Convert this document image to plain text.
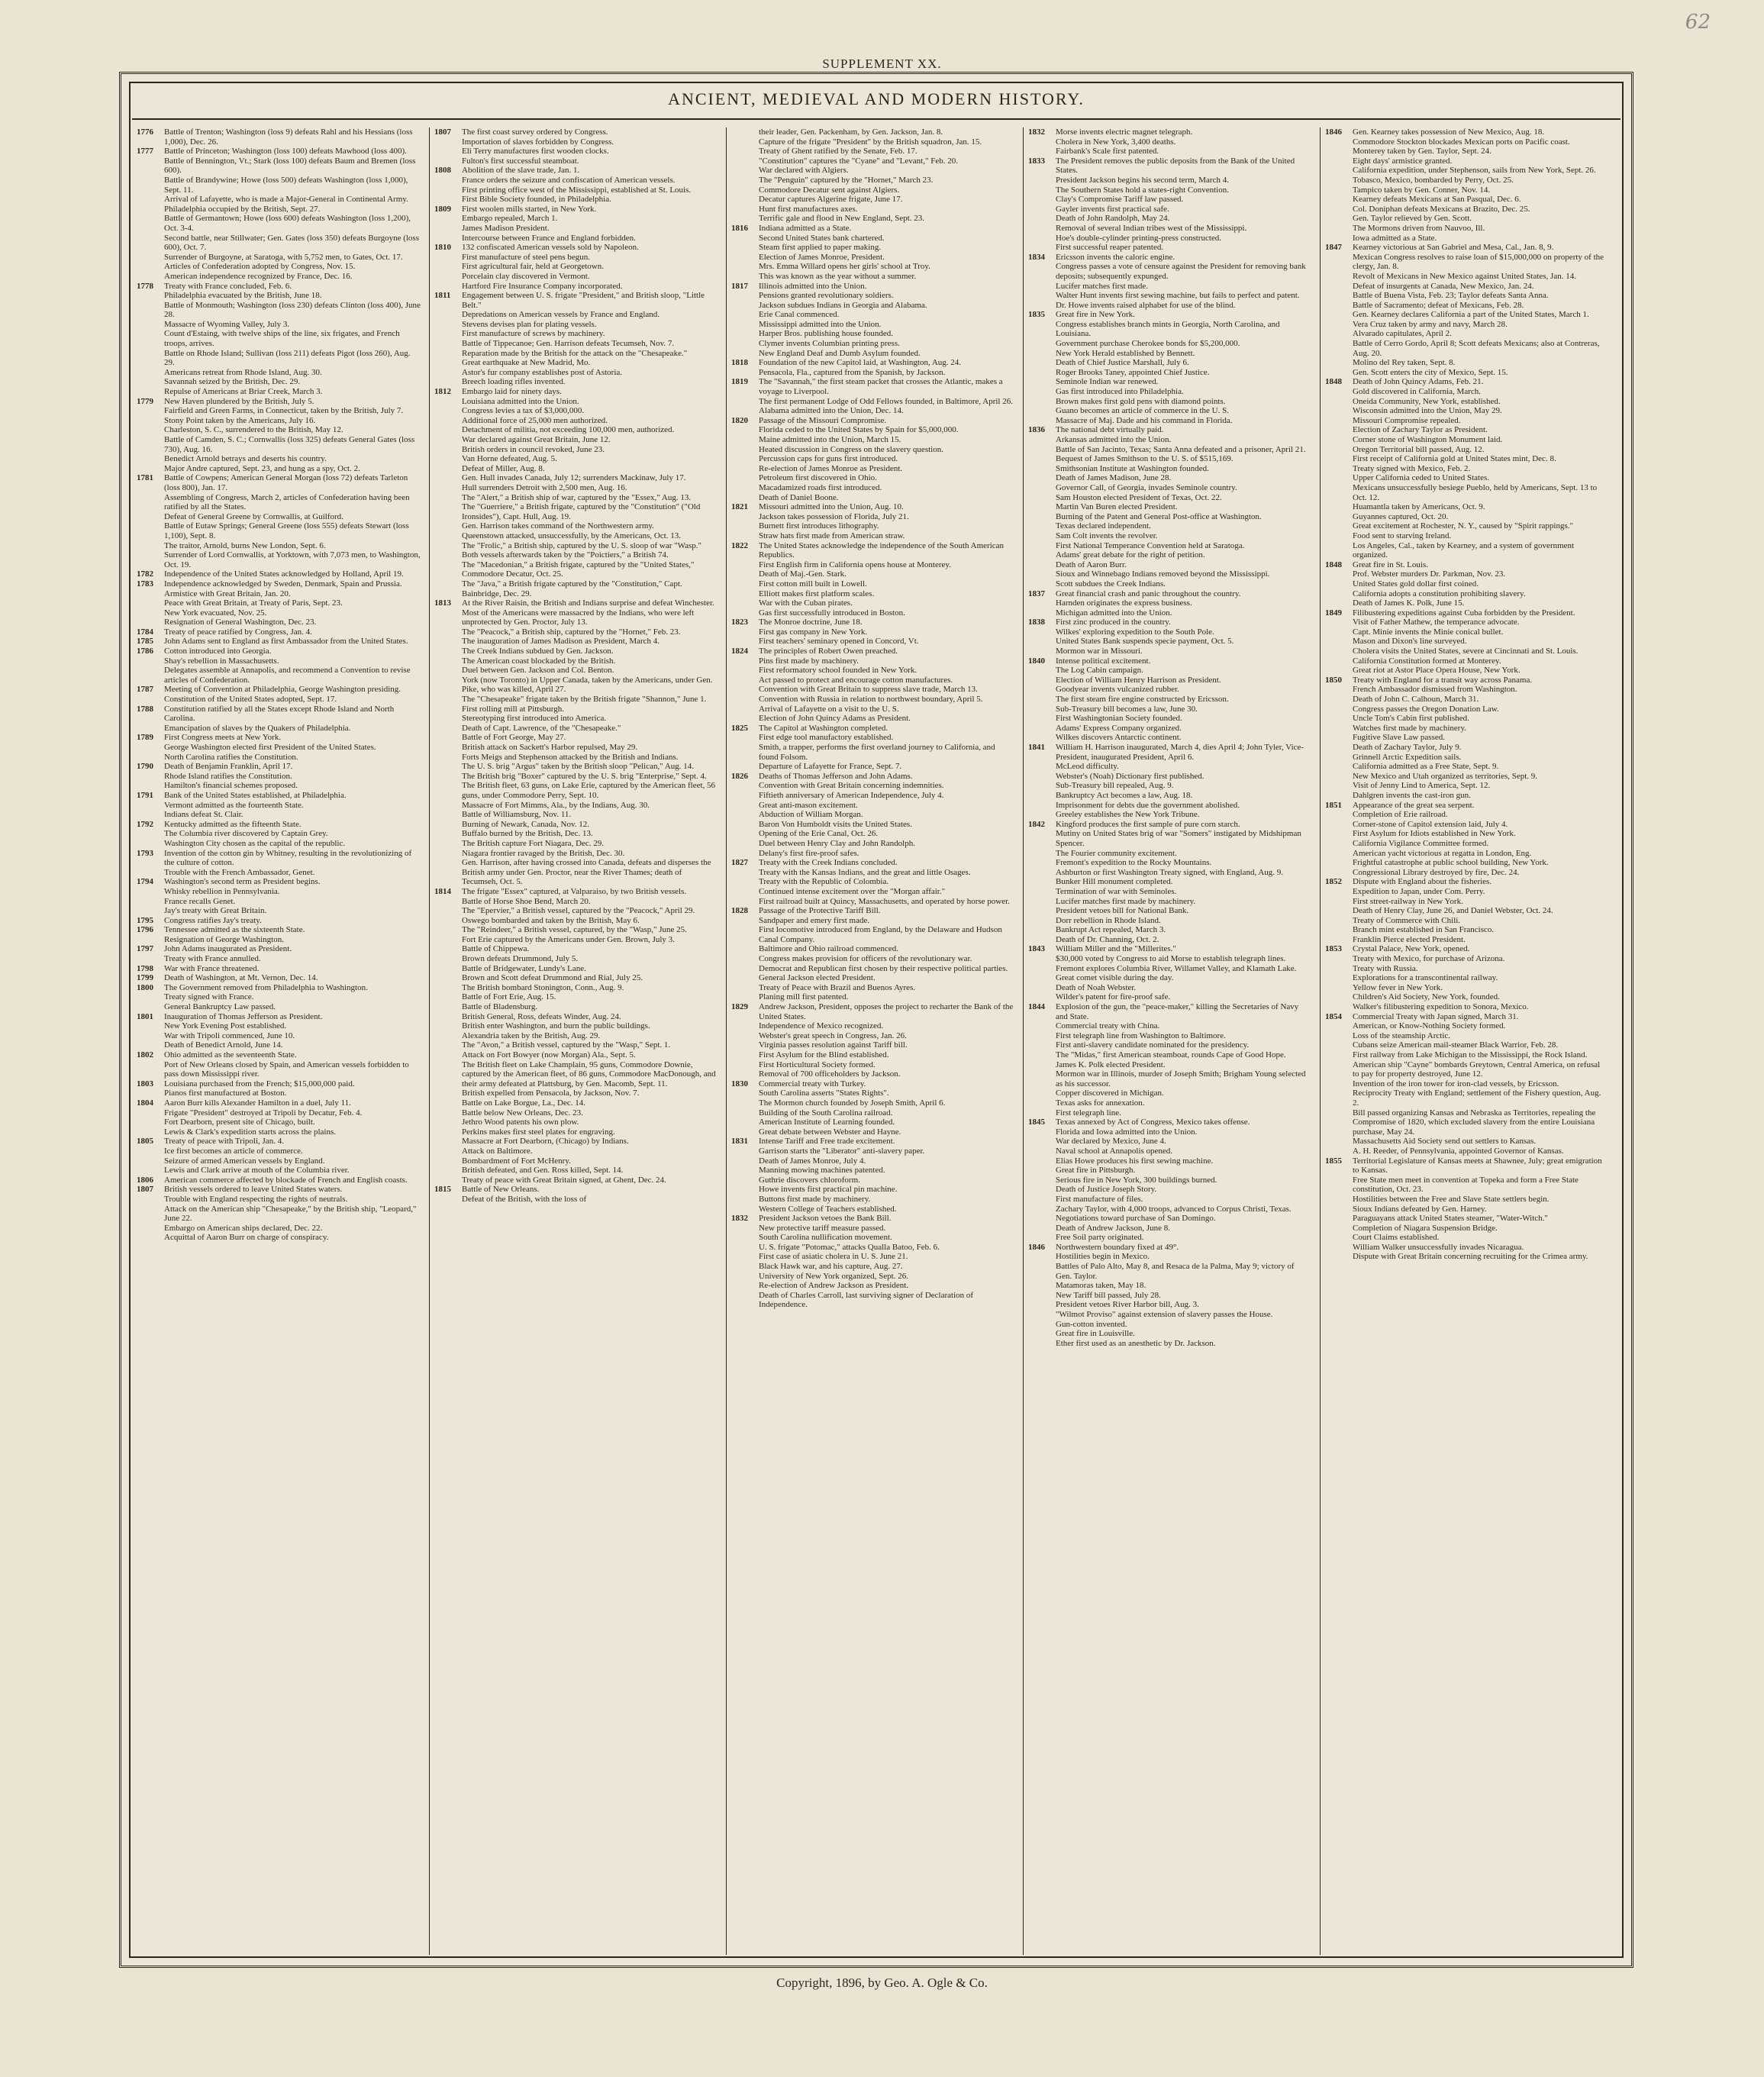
62
SUPPLEMENT XX.
ANCIENT, MEDIEVAL AND MODERN HISTORY.
1776	Battle of Trenton; Washington (loss 9) defeats Rahl and his Hessians (loss 1,000), Dec. 26.
1777	Battle of Princeton; Washington (loss 100) defeats Mawhood (loss 400).
Battle of Bennington, Vt.; Stark (loss 100) defeats Baum and Bremen (loss 600).
Battle of Brandywine; Howe (loss 500) defeats Washington (loss 1,000), Sept. 11.
Arrival of Lafayette, who is made a Major-General in Continental Army.
Philadelphia occupied by the British, Sept. 27.
Battle of Germantown; Howe (loss 600) defeats Washington (loss 1,200), Oct. 3-4.
Second battle, near Stillwater; Gen. Gates (loss 350) defeats Burgoyne (loss 600), Oct. 7.
Surrender of Burgoyne, at Saratoga, with 5,752 men, to Gates, Oct. 17.
Articles of Confederation adopted by Congress, Nov. 15.
American independence recognized by France, Dec. 16.
1778	Treaty with France concluded, Feb. 6.
Philadelphia evacuated by the British, June 18.
Battle of Monmouth; Washington (loss 230) defeats Clinton (loss 400), June 28.
Massacre of Wyoming Valley, July 3.
Count d'Estaing, with twelve ships of the line, six frigates, and French troops, arrives.
Battle on Rhode Island; Sullivan (loss 211) defeats Pigot (loss 260), Aug. 29.
Americans retreat from Rhode Island, Aug. 30.
Savannah seized by the British, Dec. 29.
Repulse of Americans at Briar Creek, March 3.
1779	New Haven plundered by the British, July 5.
Fairfield and Green Farms, in Connecticut, taken by the British, July 7.
Stony Point taken by the Americans, July 16.
Charleston, S. C., surrendered to the British, May 12.
Battle of Camden, S. C.; Cornwallis (loss 325) defeats General Gates (loss 730), Aug. 16.
Benedict Arnold betrays and deserts his country.
Major Andre captured, Sept. 23, and hung as a spy, Oct. 2.
1781	Battle of Cowpens; American General Morgan (loss 72) defeats Tarleton (loss 800), Jan. 17.
Assembling of Congress, March 2, articles of Confederation having been ratified by all the States.
Defeat of General Greene by Cornwallis, at Guilford.
Battle of Eutaw Springs; General Greene (loss 555) defeats Stewart (loss 1,100), Sept. 8.
The traitor, Arnold, burns New London, Sept. 6.
Surrender of Lord Cornwallis, at Yorktown, with 7,073 men, to Washington, Oct. 19.
1782	Independence of the United States acknowledged by Holland, April 19.
1783	Independence acknowledged by Sweden, Denmark, Spain and Prussia.
Armistice with Great Britain, Jan. 20.
Peace with Great Britain, at Treaty of Paris, Sept. 23.
New York evacuated, Nov. 25.
Resignation of General Washington, Dec. 23.
1784	Treaty of peace ratified by Congress, Jan. 4.
1785	John Adams sent to England as first Ambassador from the United States.
1786	Cotton introduced into Georgia.
Shay's rebellion in Massachusetts.
Delegates assemble at Annapolis, and recommend a Convention to revise articles of Confederation.
1787	Meeting of Convention at Philadelphia, George Washington presiding.
Constitution of the United States adopted, Sept. 17.
1788	Constitution ratified by all the States except Rhode Island and North Carolina.
Emancipation of slaves by the Quakers of Philadelphia.
1789	First Congress meets at New York.
George Washington elected first President of the United States.
North Carolina ratifies the Constitution.
1790	Death of Benjamin Franklin, April 17.
Rhode Island ratifies the Constitution.
Hamilton's financial schemes proposed.
1791	Bank of the United States established, at Philadelphia.
Vermont admitted as the fourteenth State.
Indians defeat St. Clair.
1792	Kentucky admitted as the fifteenth State.
The Columbia river discovered by Captain Grey.
Washington City chosen as the capital of the republic.
1793	Invention of the cotton gin by Whitney, resulting in the revolutionizing of the culture of cotton.
Trouble with the French Ambassador, Genet.
1794	Washington's second term as President begins.
Whisky rebellion in Pennsylvania.
France recalls Genet.
Jay's treaty with Great Britain.
1795	Congress ratifies Jay's treaty.
1796	Tennessee admitted as the sixteenth State.
Resignation of George Washington.
1797	John Adams inaugurated as President.
Treaty with France annulled.
1798	War with France threatened.
1799	Death of Washington, at Mt. Vernon, Dec. 14.
1800	The Government removed from Philadelphia to Washington.
Treaty signed with France.
General Bankruptcy Law passed.
1801	Inauguration of Thomas Jefferson as President.
New York Evening Post established.
War with Tripoli commenced, June 10.
Death of Benedict Arnold, June 14.
1802	Ohio admitted as the seventeenth State.
Port of New Orleans closed by Spain, and American vessels forbidden to pass down Mississippi river.
1803	Louisiana purchased from the French; $15,000,000 paid.
Pianos first manufactured at Boston.
1804	Aaron Burr kills Alexander Hamilton in a duel, July 11.
Frigate "President" destroyed at Tripoli by Decatur, Feb. 4.
Fort Dearborn, present site of Chicago, built.
Lewis & Clark's expedition starts across the plains.
1805	Treaty of peace with Tripoli, Jan. 4.
Ice first becomes an article of commerce.
Seizure of armed American vessels by England.
Lewis and Clark arrive at mouth of the Columbia river.
1806	American commerce affected by blockade of French and English coasts.
1807	British vessels ordered to leave United States waters.
Trouble with England respecting the rights of neutrals.
Attack on the American ship "Chesapeake," by the British ship, "Leopard," June 22.
Embargo on American ships declared, Dec. 22.
Acquittal of Aaron Burr on charge of conspiracy.
1807	The first coast survey ordered by Congress.
Importation of slaves forbidden by Congress.
Eli Terry manufactures first wooden clocks.
Fulton's first successful steamboat.
1808	Abolition of the slave trade, Jan. 1.
France orders the seizure and confiscation of American vessels.
First printing office west of the Mississippi, established at St. Louis.
First Bible Society founded, in Philadelphia.
1809	First woolen mills started, in New York.
Embargo repealed, March 1.
James Madison President.
Intercourse between France and England forbidden.
1810	132 confiscated American vessels sold by Napoleon.
First manufacture of steel pens begun.
First agricultural fair, held at Georgetown.
Porcelain clay discovered in Vermont.
Hartford Fire Insurance Company incorporated.
1811	Engagement between U. S. frigate "President," and British sloop, "Little Belt."
Depredations on American vessels by France and England.
Stevens devises plan for plating vessels.
First manufacture of screws by machinery.
Battle of Tippecanoe; Gen. Harrison defeats Tecumseh, Nov. 7.
Reparation made by the British for the attack on the "Chesapeake."
Great earthquake at New Madrid, Mo.
Astor's fur company establishes post of Astoria.
Breech loading rifles invented.
1812	Embargo laid for ninety days.
Louisiana admitted into the Union.
Congress levies a tax of $3,000,000.
Additional force of 25,000 men authorized.
Detachment of militia, not exceeding 100,000 men, authorized.
War declared against Great Britain, June 12.
British orders in council revoked, June 23.
Van Horne defeated, Aug. 5.
Defeat of Miller, Aug. 8.
Gen. Hull invades Canada, July 12; surrenders Mackinaw, July 17.
Hull surrenders Detroit with 2,500 men, Aug. 16.
The "Alert," a British ship of war, captured by the "Essex," Aug. 13.
The "Guerriere," a British frigate, captured by the "Constitution" ("Old Ironsides"), Capt. Hull, Aug. 19.
Gen. Harrison takes command of the Northwestern army.
Queenstown attacked, unsuccessfully, by the Americans, Oct. 13.
The "Frolic," a British ship, captured by the U. S. sloop of war "Wasp." Both vessels afterwards taken by the "Poictiers," a British 74.
The "Macedonian," a British frigate, captured by the "United States," Commodore Decatur, Oct. 25.
The "Java," a British frigate captured by the "Constitution," Capt. Bainbridge, Dec. 29.
1813	At the River Raisin, the British and Indians surprise and defeat Winchester. Most of the Americans were massacred by the Indians, who were left unprotected by Gen. Proctor, July 13.
The "Peacock," a British ship, captured by the "Hornet," Feb. 23.
The inauguration of James Madison as President, March 4.
The Creek Indians subdued by Gen. Jackson.
The American coast blockaded by the British.
Duel between Gen. Jackson and Col. Benton.
York (now Toronto) in Upper Canada, taken by the Americans, under Gen. Pike, who was killed, April 27.
The "Chesapeake" frigate taken by the British frigate "Shannon," June 1.
First rolling mill at Pittsburgh.
Stereotyping first introduced into America.
Death of Capt. Lawrence, of the "Chesapeake."
Battle of Fort George, May 27.
British attack on Sackett's Harbor repulsed, May 29.
Forts Meigs and Stephenson attacked by the British and Indians.
The U. S. brig "Argus" taken by the British sloop "Pelican," Aug. 14.
The British brig "Boxer" captured by the U. S. brig "Enterprise," Sept. 4.
The British fleet, 63 guns, on Lake Erie, captured by the American fleet, 56 guns, under Commodore Perry, Sept. 10.
Massacre of Fort Mimms, Ala., by the Indians, Aug. 30.
Battle of Williamsburg, Nov. 11.
Burning of Newark, Canada, Nov. 12.
Buffalo burned by the British, Dec. 13.
The British capture Fort Niagara, Dec. 29.
Niagara frontier ravaged by the British, Dec. 30.
Gen. Harrison, after having crossed into Canada, defeats and disperses the British army under Gen. Proctor, near the River Thames; death of Tecumseh, Oct. 5.
1814	The frigate "Essex" captured, at Valparaiso, by two British vessels.
Battle of Horse Shoe Bend, March 20.
The "Epervier," a British vessel, captured by the "Peacock," April 29.
Oswego bombarded and taken by the British, May 6.
The "Reindeer," a British vessel, captured, by the "Wasp," June 25.
Fort Erie captured by the Americans under Gen. Brown, July 3.
Battle of Chippewa.
Brown defeats Drummond, July 5.
Battle of Bridgewater, Lundy's Lane.
Brown and Scott defeat Drummond and Rial, July 25.
The British bombard Stonington, Conn., Aug. 9.
Battle of Fort Erie, Aug. 15.
Battle of Bladensburg.
British General, Ross, defeats Winder, Aug. 24.
British enter Washington, and burn the public buildings.
Alexandria taken by the British, Aug. 29.
The "Avon," a British vessel, captured by the "Wasp," Sept. 1.
Attack on Fort Bowyer (now Morgan) Ala., Sept. 5.
The British fleet on Lake Champlain, 95 guns, Commodore Downie, captured by the American fleet, of 86 guns, Commodore MacDonough, and their army defeated at Plattsburg, by Gen. Macomb, Sept. 11.
British expelled from Pensacola, by Jackson, Nov. 7.
Battle on Lake Borgue, La., Dec. 14.
Battle below New Orleans, Dec. 23.
Jethro Wood patents his own plow.
Perkins makes first steel plates for engraving.
Massacre at Fort Dearborn, (Chicago) by Indians.
Attack on Baltimore.
Bombardment of Fort McHenry.
British defeated, and Gen. Ross killed, Sept. 14.
Treaty of peace with Great Britain signed, at Ghent, Dec. 24.
1815	Battle of New Orleans.
Defeat of the British, with the loss of
their leader, Gen. Packenham, by Gen. Jackson, Jan. 8.
Capture of the frigate "President" by the British squadron, Jan. 15.
Treaty of Ghent ratified by the Senate, Feb. 17.
"Constitution" captures the "Cyane" and "Levant," Feb. 20.
War declared with Algiers.
The "Penguin" captured by the "Hornet," March 23.
Commodore Decatur sent against Algiers.
Decatur captures Algerine frigate, June 17.
Hunt first manufactures axes.
Terrific gale and flood in New England, Sept. 23.
1816	Indiana admitted as a State.
Second United States bank chartered.
Steam first applied to paper making.
Election of James Monroe, President.
Mrs. Emma Willard opens her girls' school at Troy.
This was known as the year without a summer.
1817	Illinois admitted into the Union.
Pensions granted revolutionary soldiers.
Jackson subdues Indians in Georgia and Alabama.
Erie Canal commenced.
Mississippi admitted into the Union.
Harper Bros. publishing house founded.
Clymer invents Columbian printing press.
New England Deaf and Dumb Asylum founded.
1818	Foundation of the new Capitol laid, at Washington, Aug. 24.
Pensacola, Fla., captured from the Spanish, by Jackson.
1819	The "Savannah," the first steam packet that crosses the Atlantic, makes a voyage to Liverpool.
The first permanent Lodge of Odd Fellows founded, in Baltimore, April 26.
Alabama admitted into the Union, Dec. 14.
1820	Passage of the Missouri Compromise.
Florida ceded to the United States by Spain for $5,000,000.
Maine admitted into the Union, March 15.
Heated discussion in Congress on the slavery question.
Percussion caps for guns first introduced.
Re-election of James Monroe as President.
Petroleum first discovered in Ohio.
Macadamized roads first introduced.
Death of Daniel Boone.
1821	Missouri admitted into the Union, Aug. 10.
Jackson takes possession of Florida, July 21.
Burnett first introduces lithography.
Straw hats first made from American straw.
1822	The United States acknowledge the independence of the South American Republics.
First English firm in California opens house at Monterey.
Death of Maj.-Gen. Stark.
First cotton mill built in Lowell.
Elliott makes first platform scales.
War with the Cuban pirates.
Gas first successfully introduced in Boston.
1823	The Monroe doctrine, June 18.
First gas company in New York.
First teachers' seminary opened in Concord, Vt.
1824	The principles of Robert Owen preached.
Pins first made by machinery.
First reformatory school founded in New York.
Act passed to protect and encourage cotton manufactures.
Convention with Great Britain to suppress slave trade, March 13.
Convention with Russia in relation to northwest boundary, April 5.
Arrival of Lafayette on a visit to the U. S.
Election of John Quincy Adams as President.
1825	The Capitol at Washington completed.
First edge tool manufactory established.
Smith, a trapper, performs the first overland journey to California, and found Folsom.
Departure of Lafayette for France, Sept. 7.
1826	Deaths of Thomas Jefferson and John Adams.
Convention with Great Britain concerning indemnities.
Fiftieth anniversary of American Independence, July 4.
Great anti-mason excitement.
Abduction of William Morgan.
Baron Von Humboldt visits the United States.
Opening of the Erie Canal, Oct. 26.
Duel between Henry Clay and John Randolph.
Delany's first fire-proof safes.
1827	Treaty with the Creek Indians concluded.
Treaty with the Kansas Indians, and the great and little Osages.
Treaty with the Republic of Colombia.
Continued intense excitement over the "Morgan affair."
First railroad built at Quincy, Massachusetts, and operated by horse power.
1828	Passage of the Protective Tariff Bill.
Sandpaper and emery first made.
First locomotive introduced from England, by the Delaware and Hudson Canal Company.
Baltimore and Ohio railroad commenced.
Congress makes provision for officers of the revolutionary war.
Democrat and Republican first chosen by their respective political parties.
General Jackson elected President.
Treaty of Peace with Brazil and Buenos Ayres.
Planing mill first patented.
1829	Andrew Jackson, President, opposes the project to recharter the Bank of the United States.
Independence of Mexico recognized.
Webster's great speech in Congress, Jan. 26.
Virginia passes resolution against Tariff bill.
First Asylum for the Blind established.
First Horticultural Society formed.
Removal of 700 officeholders by Jackson.
1830	Commercial treaty with Turkey.
South Carolina asserts "States Rights".
The Mormon church founded by Joseph Smith, April 6.
Building of the South Carolina railroad.
American Institute of Learning founded.
Great debate between Webster and Hayne.
1831	Intense Tariff and Free trade excitement.
Garrison starts the "Liberator" anti-slavery paper.
Death of James Monroe, July 4.
Manning mowing machines patented.
Guthrie discovers chloroform.
Howe invents first practical pin machine.
Buttons first made by machinery.
Western College of Teachers established.
1832	President Jackson vetoes the Bank Bill.
New protective tariff measure passed.
South Carolina nullification movement.
U. S. frigate "Potomac," attacks Qualla Batoo, Feb. 6.
First case of asiatic cholera in U. S. June 21.
Black Hawk war, and his capture, Aug. 27.
University of New York organized, Sept. 26.
Re-election of Andrew Jackson as President.
Death of Charles Carroll, last surviving signer of Declaration of Independence.
1832	Morse invents electric magnet telegraph.
Cholera in New York, 3,400 deaths.
Fairbank's Scale first patented.
1833	The President removes the public deposits from the Bank of the United States.
President Jackson begins his second term, March 4.
The Southern States hold a states-right Convention.
Clay's Compromise Tariff law passed.
Gayler invents first practical safe.
Death of John Randolph, May 24.
Removal of several Indian tribes west of the Mississippi.
Hoe's double-cylinder printing-press constructed.
First successful reaper patented.
1834	Ericsson invents the caloric engine.
Congress passes a vote of censure against the President for removing bank deposits; subsequently expunged.
Lucifer matches first made.
Walter Hunt invents first sewing machine, but fails to perfect and patent.
Dr. Howe invents raised alphabet for use of the blind.
1835	Great fire in New York.
Congress establishes branch mints in Georgia, North Carolina, and Louisiana.
Government purchase Cherokee bonds for $5,200,000.
New York Herald established by Bennett.
Death of Chief Justice Marshall, July 6.
Roger Brooks Taney, appointed Chief Justice.
Seminole Indian war renewed.
Gas first introduced into Philadelphia.
Brown makes first gold pens with diamond points.
Guano becomes an article of commerce in the U. S.
Massacre of Maj. Dade and his command in Florida.
1836	The national debt virtually paid.
Arkansas admitted into the Union.
Battle of San Jacinto, Texas; Santa Anna defeated and a prisoner, April 21.
Bequest of James Smithson to the U. S. of $515,169.
Smithsonian Institute at Washington founded.
Death of James Madison, June 28.
Governor Call, of Georgia, invades Seminole country.
Sam Houston elected President of Texas, Oct. 22.
Martin Van Buren elected President.
Burning of the Patent and General Post-office at Washington.
Texas declared independent.
Sam Colt invents the revolver.
First National Temperance Convention held at Saratoga.
Adams' great debate for the right of petition.
Death of Aaron Burr.
Sioux and Winnebago Indians removed beyond the Mississippi.
Scott subdues the Creek Indians.
1837	Great financial crash and panic throughout the country.
Harnden originates the express business.
Michigan admitted into the Union.
1838	First zinc produced in the country.
Wilkes' exploring expedition to the South Pole.
United States Bank suspends specie payment, Oct. 5.
Mormon war in Missouri.
1840	Intense political excitement.
The Log Cabin campaign.
Election of William Henry Harrison as President.
Goodyear invents vulcanized rubber.
The first steam fire engine constructed by Ericsson.
Sub-Treasury bill becomes a law, June 30.
First Washingtonian Society founded.
Adams' Express Company organized.
Wilkes discovers Antarctic continent.
1841	William H. Harrison inaugurated, March 4, dies April 4; John Tyler, Vice-President, inaugurated President, April 6.
McLeod difficulty.
Webster's (Noah) Dictionary first published.
Sub-Treasury bill repealed, Aug. 9.
Bankruptcy Act becomes a law, Aug. 18.
Imprisonment for debts due the government abolished.
Greeley establishes the New York Tribune.
1842	Kingford produces the first sample of pure corn starch.
Mutiny on United States brig of war "Somers" instigated by Midshipman Spencer.
The Fourier community excitement.
Fremont's expedition to the Rocky Mountains.
Ashburton or first Washington Treaty signed, with England, Aug. 9.
Bunker Hill monument completed.
Termination of war with Seminoles.
Lucifer matches first made by machinery.
President vetoes bill for National Bank.
Dorr rebellion in Rhode Island.
Bankrupt Act repealed, March 3.
Death of Dr. Channing, Oct. 2.
1843	William Miller and the "Millerites."
$30,000 voted by Congress to aid Morse to establish telegraph lines.
Fremont explores Columbia River, Willamet Valley, and Klamath Lake.
Great comet visible during the day.
Death of Noah Webster.
Wilder's patent for fire-proof safe.
1844	Explosion of the gun, the "peace-maker," killing the Secretaries of Navy and State.
Commercial treaty with China.
First telegraph line from Washington to Baltimore.
First anti-slavery candidate nominated for the presidency.
The "Midas," first American steamboat, rounds Cape of Good Hope.
James K. Polk elected President.
Mormon war in Illinois, murder of Joseph Smith; Brigham Young selected as his successor.
Copper discovered in Michigan.
Texas asks for annexation.
First telegraph line.
1845	Texas annexed by Act of Congress, Mexico takes offense.
Florida and Iowa admitted into the Union.
War declared by Mexico, June 4.
Naval school at Annapolis opened.
Elias Howe produces his first sewing machine.
Great fire in Pittsburgh.
Serious fire in New York, 300 buildings burned.
Death of Justice Joseph Story.
First manufacture of files.
Zachary Taylor, with 4,000 troops, advanced to Corpus Christi, Texas.
Negotiations toward purchase of San Domingo.
Death of Andrew Jackson, June 8.
Free Soil party originated.
1846	Northwestern boundary fixed at 49°.
Hostilities begin in Mexico.
Battles of Palo Alto, May 8, and Resaca de la Palma, May 9; victory of Gen. Taylor.
Matamoras taken, May 18.
New Tariff bill passed, July 28.
President vetoes River Harbor bill, Aug. 3.
"Wilmot Proviso" against extension of slavery passes the House.
Gun-cotton invented.
Great fire in Louisville.
Ether first used as an anesthetic by Dr. Jackson.
1846	Gen. Kearney takes possession of New Mexico, Aug. 18.
Commodore Stockton blockades Mexican ports on Pacific coast.
Monterey taken by Gen. Taylor, Sept. 24.
Eight days' armistice granted.
California expedition, under Stephenson, sails from New York, Sept. 26.
Tobasco, Mexico, bombarded by Perry, Oct. 25.
Tampico taken by Gen. Conner, Nov. 14.
Kearney defeats Mexicans at San Pasqual, Dec. 6.
Col. Doniphan defeats Mexicans at Brazito, Dec. 25.
Gen. Taylor relieved by Gen. Scott.
The Mormons driven from Nauvoo, Ill.
Iowa admitted as a State.
1847	Kearney victorious at San Gabriel and Mesa, Cal., Jan. 8, 9.
Mexican Congress resolves to raise loan of $15,000,000 on property of the clergy, Jan. 8.
Revolt of Mexicans in New Mexico against United States, Jan. 14.
Defeat of insurgents at Canada, New Mexico, Jan. 24.
Battle of Buena Vista, Feb. 23; Taylor defeats Santa Anna.
Battle of Sacramento; defeat of Mexicans, Feb. 28.
Gen. Kearney declares California a part of the United States, March 1.
Vera Cruz taken by army and navy, March 28.
Alvarado capitulates, April 2.
Battle of Cerro Gordo, April 8; Scott defeats Mexicans; also at Contreras, Aug. 20.
Molino del Rey taken, Sept. 8.
Gen. Scott enters the city of Mexico, Sept. 15.
1848	Death of John Quincy Adams, Feb. 21.
Gold discovered in California, March.
Oneida Community, New York, established.
Wisconsin admitted into the Union, May 29.
Missouri Compromise repealed.
Election of Zachary Taylor as President.
Corner stone of Washington Monument laid.
Oregon Territorial bill passed, Aug. 12.
First receipt of California gold at United States mint, Dec. 8.
Treaty signed with Mexico, Feb. 2.
Upper California ceded to United States.
Mexicans unsuccessfully besiege Pueblo, held by Americans, Sept. 13 to Oct. 12.
Huamantla taken by Americans, Oct. 9.
Guyannes captured, Oct. 20.
Great excitement at Rochester, N. Y., caused by "Spirit rappings."
Food sent to starving Ireland.
Los Angeles, Cal., taken by Kearney, and a system of government organized.
1848	Great fire in St. Louis.
Prof. Webster murders Dr. Parkman, Nov. 23.
United States gold dollar first coined.
California adopts a constitution prohibiting slavery.
Death of James K. Polk, June 15.
1849	Filibustering expeditions against Cuba forbidden by the President.
Visit of Father Mathew, the temperance advocate.
Capt. Minie invents the Minie conical bullet.
Mason and Dixon's line surveyed.
Cholera visits the United States, severe at Cincinnati and St. Louis.
California Constitution formed at Monterey.
Great riot at Astor Place Opera House, New York.
1850	Treaty with England for a transit way across Panama.
French Ambassador dismissed from Washington.
Death of John C. Calhoun, March 31.
Congress passes the Oregon Donation Law.
Uncle Tom's Cabin first published.
Watches first made by machinery.
Fugitive Slave Law passed.
Death of Zachary Taylor, July 9.
Grinnell Arctic Expedition sails.
California admitted as a Free State, Sept. 9.
New Mexico and Utah organized as territories, Sept. 9.
Visit of Jenny Lind to America, Sept. 12.
Dahlgren invents the cast-iron gun.
1851	Appearance of the great sea serpent.
Completion of Erie railroad.
Corner-stone of Capitol extension laid, July 4.
First Asylum for Idiots established in New York.
California Vigilance Committee formed.
American yacht victorious at regatta in London, Eng.
Frightful catastrophe at public school building, New York.
Congressional Library destroyed by fire, Dec. 24.
1852	Dispute with England about the fisheries.
Expedition to Japan, under Com. Perry.
First street-railway in New York.
Death of Henry Clay, June 26, and Daniel Webster, Oct. 24.
Treaty of Commerce with Chili.
Branch mint established in San Francisco.
Franklin Pierce elected President.
1853	Crystal Palace, New York, opened.
Treaty with Mexico, for purchase of Arizona.
Treaty with Russia.
Explorations for a transcontinental railway.
Yellow fever in New York.
Children's Aid Society, New York, founded.
Walker's filibustering expedition to Sonora, Mexico.
1854	Commercial Treaty with Japan signed, March 31.
American, or Know-Nothing Society formed.
Loss of the steamship Arctic.
Cubans seize American mail-steamer Black Warrior, Feb. 28.
First railway from Lake Michigan to the Mississippi, the Rock Island.
American ship "Cayne" bombards Greytown, Central America, on refusal to pay for property destroyed, June 12.
Invention of the iron tower for iron-clad vessels, by Ericsson.
Reciprocity Treaty with England; settlement of the Fishery question, Aug. 2.
Bill passed organizing Kansas and Nebraska as Territories, repealing the Compromise of 1820, which excluded slavery from the entire Louisiana purchase, May 24.
Massachusetts Aid Society send out settlers to Kansas.
A. H. Reeder, of Pennsylvania, appointed Governor of Kansas.
1855	Territorial Legislature of Kansas meets at Shawnee, July; great emigration to Kansas.
Free State men meet in convention at Topeka and form a Free State constitution, Oct. 23.
Hostilities between the Free and Slave State settlers begin.
Sioux Indians defeated by Gen. Harney.
Paraguayans attack United States steamer, "Water-Witch."
Completion of Niagara Suspension Bridge.
Court Claims established.
William Walker unsuccessfully invades Nicaragua.
Dispute with Great Britain concerning recruiting for the Crimea army.
Copyright, 1896, by Geo. A. Ogle & Co.
